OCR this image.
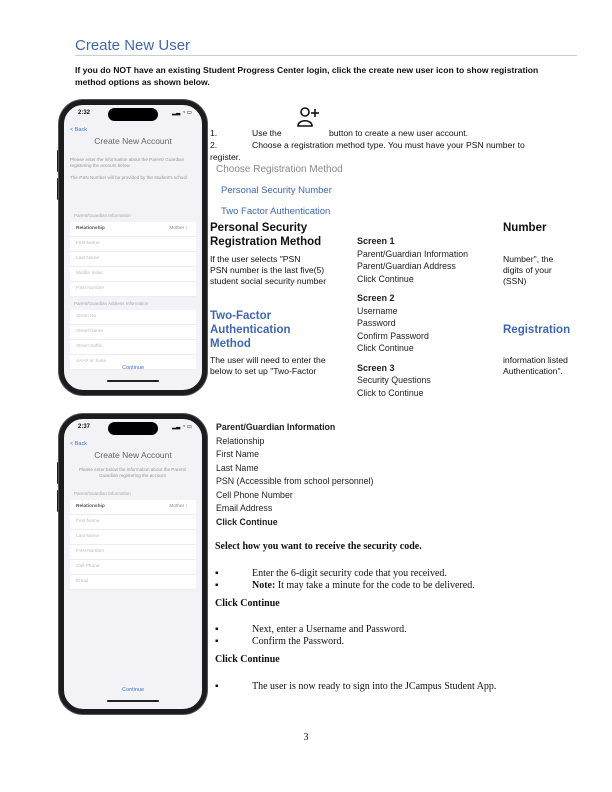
Create New User
If you do NOT have an existing Student Progress Center login, click the create new user icon to show registration method options as shown below.
2:32	▂▃ ◔ ▭
< Back
Create New Account
Please enter the information about the Parent/ Guardian registering the account below
The PSN Number will be provided by the student's school
Parent/Guardian Information
Relationship	Mother ↕
First Name
Last Name
Middle Initial
PSN Number
Parent/Guardian Address Information
Street No
Street Name
Street Suffix
AAA# or Suite
Continue
2:37	▂▃ ◔ ▭
< Back
Create New Account
Please enter below the information about the Parent/ Guardian registering the account
Parent/Guardian Information
Relationship	Mother ↕
First Name
Last Name
PSN Number
Cell Phone
Email
Continue
1.	Use the	button to create a new user account.
2.	Choose a registration method type. You must have your PSN number to
register.
Choose Registration Method
Personal Security Number
Two Factor Authentication
Personal Security
Registration Method
Number
If the user selects "PSN
PSN number is the last five(5)
student social security number
Number", the
digits of your
(SSN)
Screen 1
Parent/Guardian Information
Parent/Guardian Address
Click Continue

Screen 2
Username
Password
Confirm Password
Click Continue

Screen 3
Security Questions
Click to Continue
Two-Factor
Authentication
Method
Registration
The user will need to enter the
below to set up "Two-Factor
information listed
Authentication".
Parent/Guardian Information
Relationship
First Name
Last Name
PSN (Accessible from school personnel)
Cell Phone Number
Email Address
Click Continue
Select how you want to receive the security code.
▪	Enter the 6-digit security code that you received.
▪	Note: It may take a minute for the code to be delivered.
Click Continue
▪	Next, enter a Username and Password.
▪	Confirm the Password.
Click Continue
▪	The user is now ready to sign into the JCampus Student App.
3
